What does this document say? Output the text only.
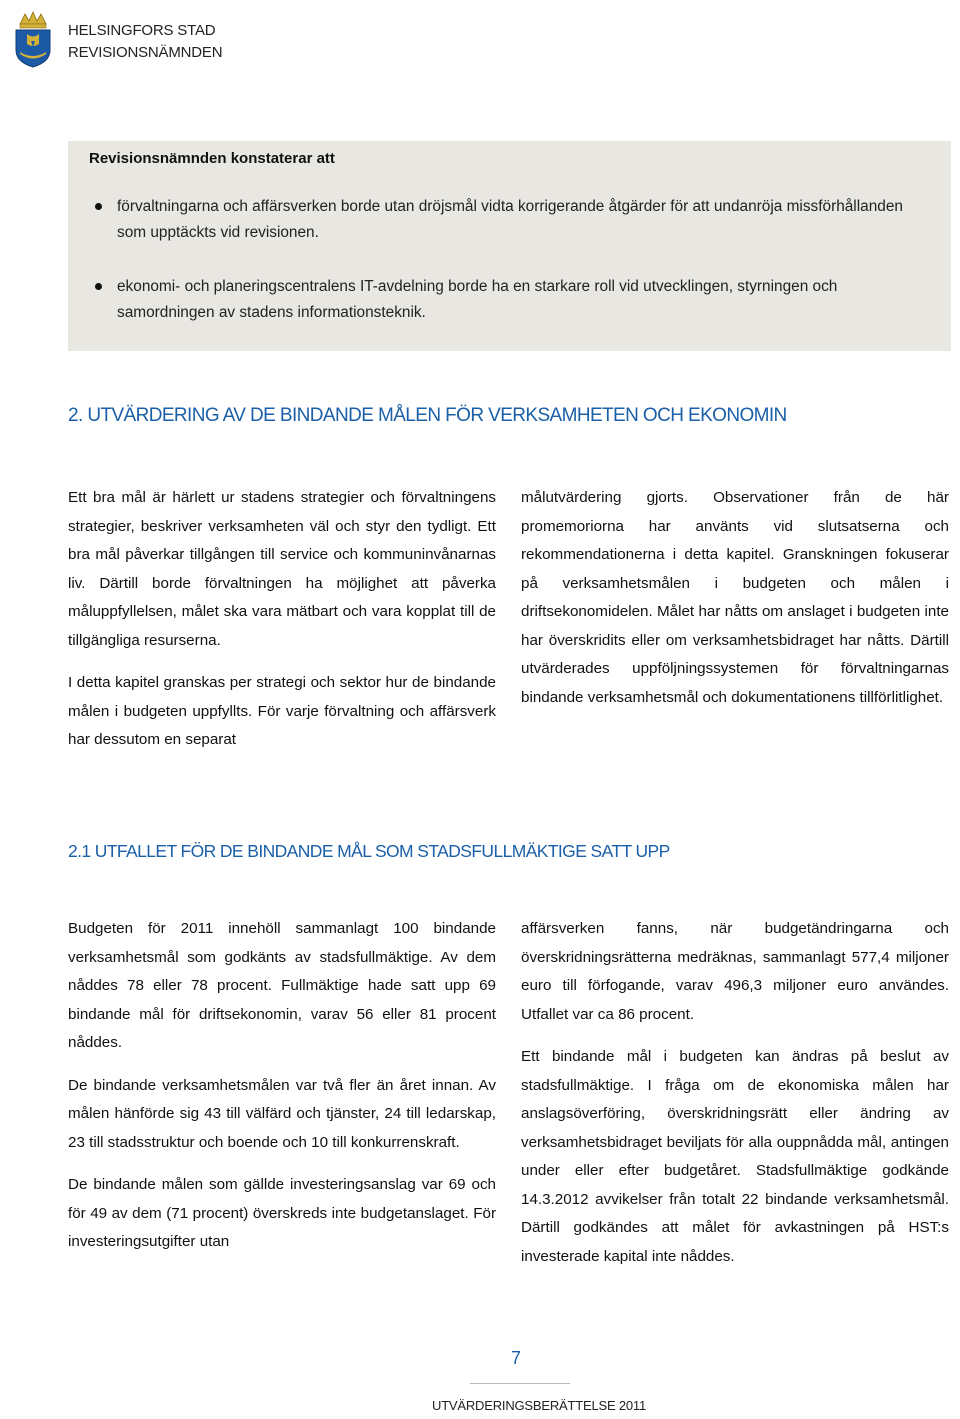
HELSINGFORS STAD
REVISIONSNÄMNDEN
Revisionsnämnden konstaterar att
förvaltningarna och affärsverken borde utan dröjsmål vidta korrigerande åtgärder för att undanröja missförhållanden som upptäckts vid revisionen.
ekonomi- och planeringscentralens IT-avdelning borde ha en starkare roll vid utvecklingen, styrningen och samordningen av stadens informationsteknik.
2. UTVÄRDERING AV DE BINDANDE MÅLEN FÖR VERKSAMHETEN OCH EKONOMIN

Ett bra mål är härlett ur stadens strategier och förvaltningens strategier, beskriver verksamheten väl och styr den tydligt. Ett bra mål påverkar tillgången till service och kommuninvånarnas liv. Därtill borde förvaltningen ha möjlighet att påverka måluppfyllelsen, målet ska vara mätbart och vara kopplat till de tillgängliga resurserna.

I detta kapitel granskas per strategi och sektor hur de bindande målen i budgeten uppfyllts. För varje förvaltning och affärsverk har dessutom en separat

målutvärdering gjorts. Observationer från de här promemoriorna har använts vid slutsatserna och rekommendationerna i detta kapitel. Granskningen fokuserar på verksamhetsmålen i budgeten och målen i driftsekonomidelen. Målet har nåtts om anslaget i budgeten inte har överskridits eller om verksamhetsbidraget har nåtts. Därtill utvärderades uppföljningssystemen för förvaltningarnas bindande verksamhetsmål och dokumentationens tillförlitlighet.

2.1 UTFALLET FÖR DE BINDANDE MÅL SOM STADSFULLMÄKTIGE SATT UPP

Budgeten för 2011 innehöll sammanlagt 100 bindande verksamhetsmål som godkänts av stadsfullmäktige. Av dem nåddes 78 eller 78 procent. Fullmäktige hade satt upp 69 bindande mål för driftsekonomin, varav 56 eller 81 procent nåddes.

De bindande verksamhetsmålen var två fler än året innan. Av målen hänförde sig 43 till välfärd och tjänster, 24 till ledarskap, 23 till stadsstruktur och boende och 10 till konkurrenskraft.

De bindande målen som gällde investeringsanslag var 69 och för 49 av dem (71 procent) överskreds inte budgetanslaget. För investeringsutgifter utan

affärsverken fanns, när budgetändringarna och överskridningsrätterna medräknas, sammanlagt 577,4 miljoner euro till förfogande, varav 496,3 miljoner euro användes. Utfallet var ca 86 procent.

Ett bindande mål i budgeten kan ändras på beslut av stadsfullmäktige. I fråga om de ekonomiska målen har anslagsöverföring, överskridningsrätt eller ändring av verksamhetsbidraget beviljats för alla ouppnådda mål, antingen under eller efter budgetåret. Stadsfullmäktige godkände 14.3.2012 avvikelser från totalt 22 bindande verksamhetsmål. Därtill godkändes att målet för avkastningen på HST:s investerade kapital inte nåddes.

7
UTVÄRDERINGSBERÄTTELSE 2011
